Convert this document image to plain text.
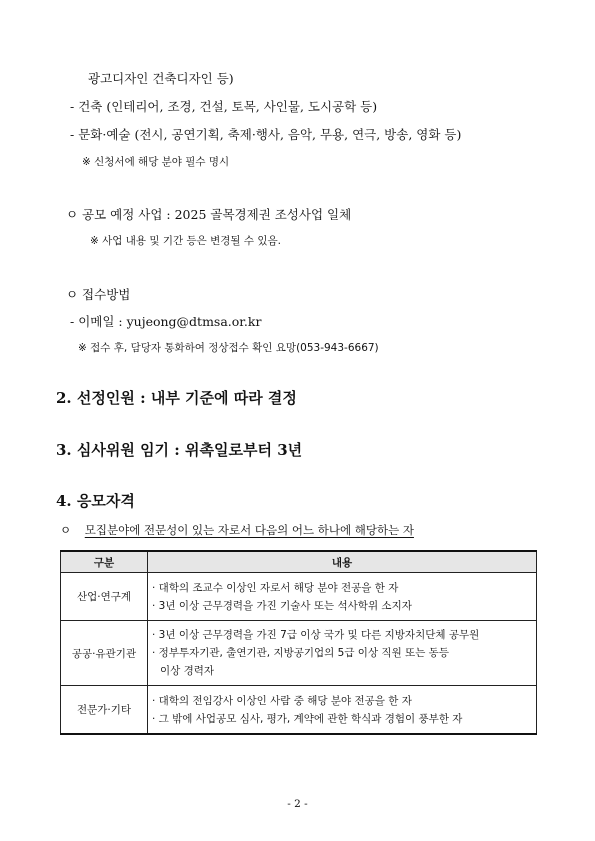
광고디자인 건축디자인 등)
- 건축 (인테리어, 조경, 건설, 토목, 사인물, 도시공학 등)
- 문화·예술 (전시, 공연기획, 축제·행사, 음악, 무용, 연극, 방송, 영화 등)
※ 신청서에 해당 분야 필수 명시
ㅇ 공모 예정 사업 : 2025 골목경제권 조성사업 일체
※ 사업 내용 및 기간 등은 변경될 수 있음.
ㅇ 접수방법
- 이메일 : yujeong@dtmsa.or.kr
※ 접수 후, 담당자 통화하여 정상접수 확인 요망(053-943-6667)
2. 선정인원 : 내부 기준에 따라 결정
3. 심사위원 임기 : 위촉일로부터 3년
4. 응모자격
ㅇ 모집분야에 전문성이 있는 자로서 다음의 어느 하나에 해당하는 자
구분	내용
산업·연구계	· 대학의 조교수 이상인 자로서 해당 분야 전공을 한 자
· 3년 이상 근무경력을 가진 기술사 또는 석사학위 소지자

공공·유관기관	· 3년 이상 근무경력을 가진 7급 이상 국가 및 다른 지방자치단체 공무원
· 정부투자기관, 출연기관, 지방공기업의 5급 이상 직원 또는 동등
이상 경력자

전문가·기타	· 대학의 전임강사 이상인 사람 중 해당 분야 전공을 한 자
· 그 밖에 사업공모 심사, 평가, 계약에 관한 학식과 경험이 풍부한 자
- 2 -
